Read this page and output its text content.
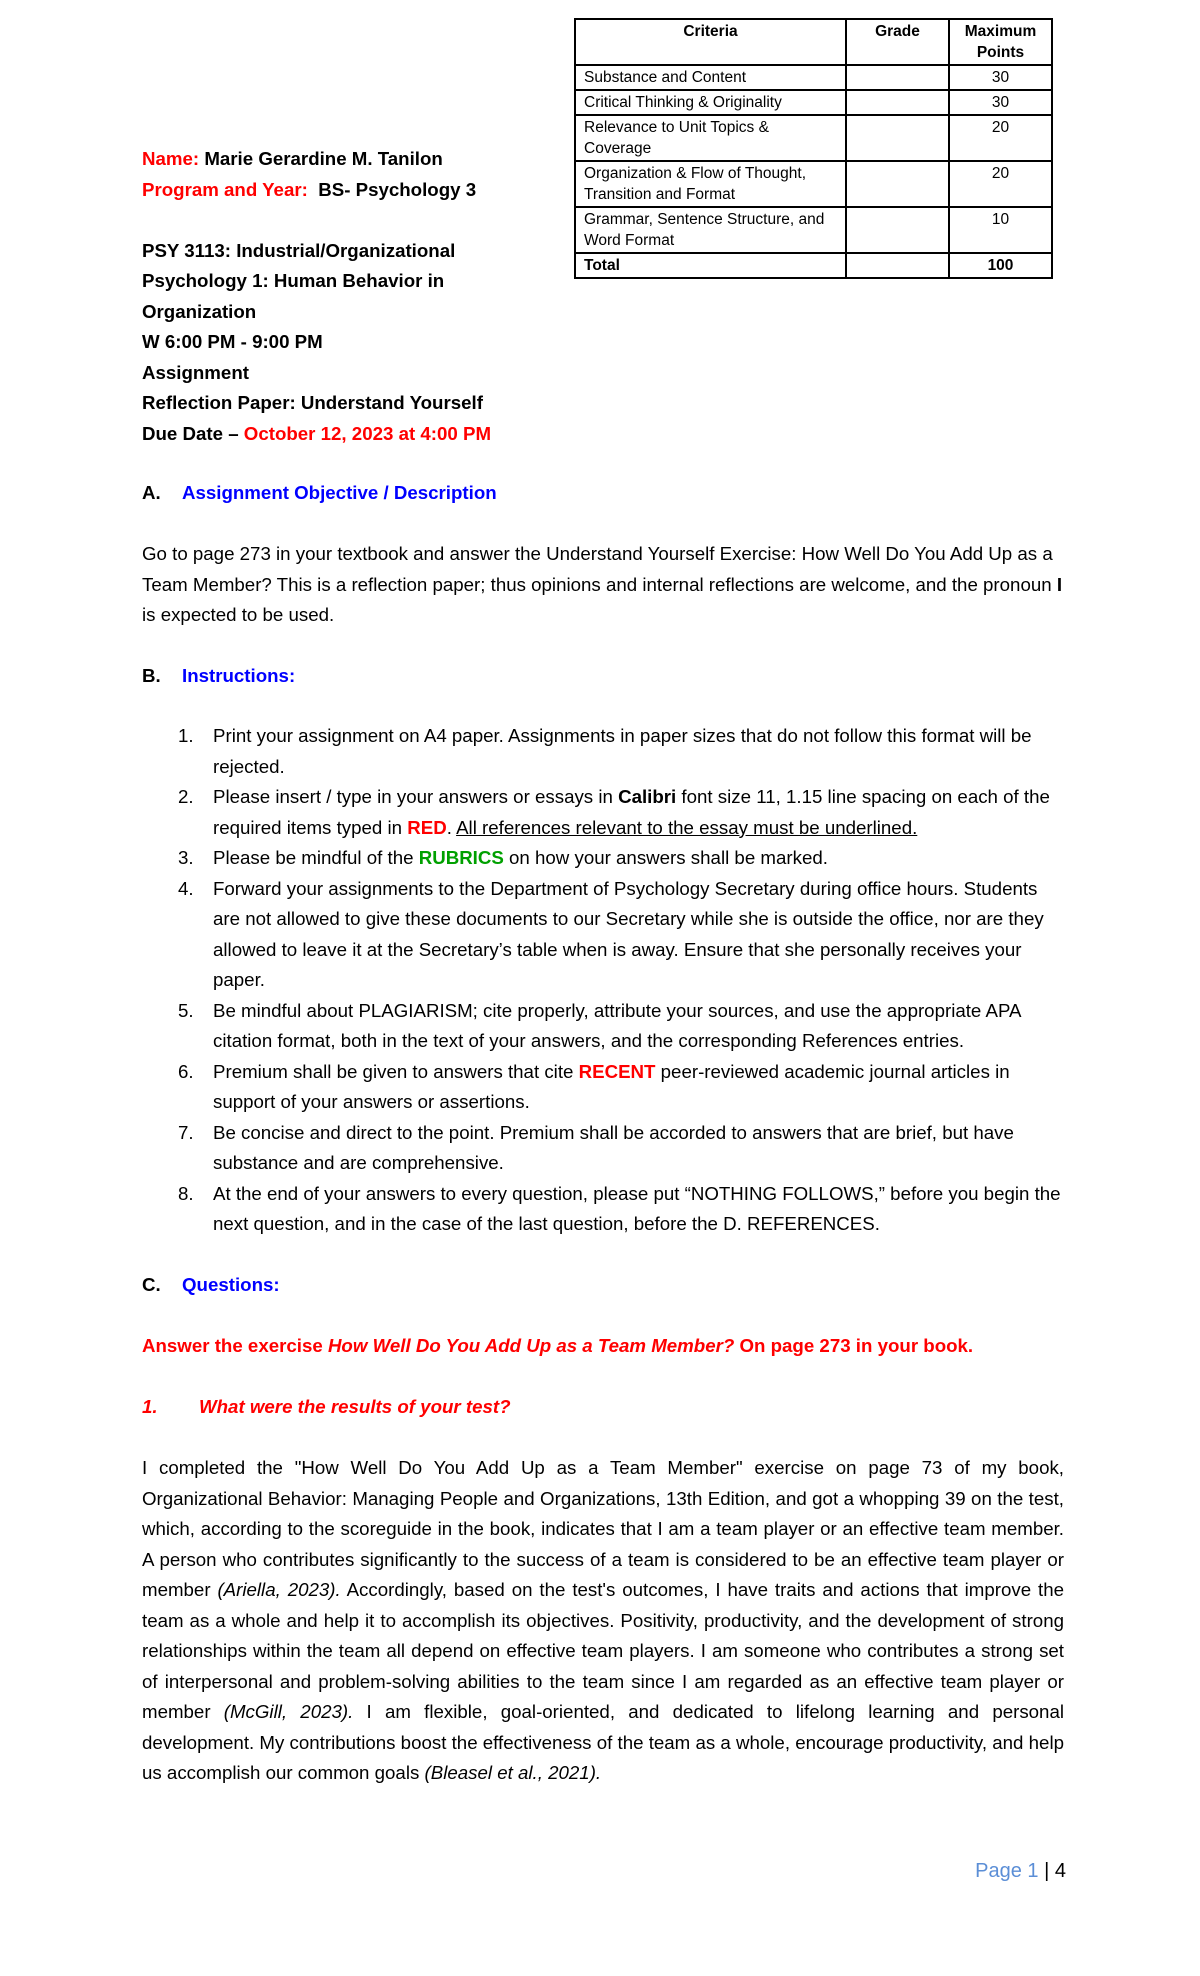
Criteria	Grade	Maximum Points
Substance and Content		30
Critical Thinking & Originality		30
Relevance to Unit Topics & Coverage		20
Organization & Flow of Thought, Transition and Format		20
Grammar, Sentence Structure, and Word Format		10
Total		100
Name: Marie Gerardine M. Tanilon
Program and Year: BS- Psychology 3

PSY 3113: Industrial/Organizational
Psychology 1: Human Behavior in
Organization
W 6:00 PM - 9:00 PM
Assignment
Reflection Paper: Understand Yourself
Due Date – October 12, 2023 at 4:00 PM
A. Assignment Objective / Description
Go to page 273 in your textbook and answer the Understand Yourself Exercise: How Well Do You Add Up as a Team Member? This is a reflection paper; thus opinions and internal reflections are welcome, and the pronoun I is expected to be used.
B. Instructions:
1. Print your assignment on A4 paper. Assignments in paper sizes that do not follow this format will be rejected.
2. Please insert / type in your answers or essays in Calibri font size 11, 1.15 line spacing on each of the required items typed in RED. All references relevant to the essay must be underlined.
3. Please be mindful of the RUBRICS on how your answers shall be marked.
4. Forward your assignments to the Department of Psychology Secretary during office hours. Students are not allowed to give these documents to our Secretary while she is outside the office, nor are they allowed to leave it at the Secretary’s table when is away. Ensure that she personally receives your paper.
5. Be mindful about PLAGIARISM; cite properly, attribute your sources, and use the appropriate APA citation format, both in the text of your answers, and the corresponding References entries.
6. Premium shall be given to answers that cite RECENT peer-reviewed academic journal articles in support of your answers or assertions.
7. Be concise and direct to the point. Premium shall be accorded to answers that are brief, but have substance and are comprehensive.
8. At the end of your answers to every question, please put “NOTHING FOLLOWS,” before you begin the next question, and in the case of the last question, before the D. REFERENCES.
C. Questions:
Answer the exercise How Well Do You Add Up as a Team Member? On page 273 in your book.
1. What were the results of your test?
I completed the "How Well Do You Add Up as a Team Member" exercise on page 73 of my book, Organizational Behavior: Managing People and Organizations, 13th Edition, and got a whopping 39 on the test, which, according to the scoreguide in the book, indicates that I am a team player or an effective team member. A person who contributes significantly to the success of a team is considered to be an effective team player or member (Ariella, 2023). Accordingly, based on the test's outcomes, I have traits and actions that improve the team as a whole and help it to accomplish its objectives. Positivity, productivity, and the development of strong relationships within the team all depend on effective team players. I am someone who contributes a strong set of interpersonal and problem-solving abilities to the team since I am regarded as an effective team player or member (McGill, 2023). I am flexible, goal-oriented, and dedicated to lifelong learning and personal development. My contributions boost the effectiveness of the team as a whole, encourage productivity, and help us accomplish our common goals (Bleasel et al., 2021).
Page 1 | 4
